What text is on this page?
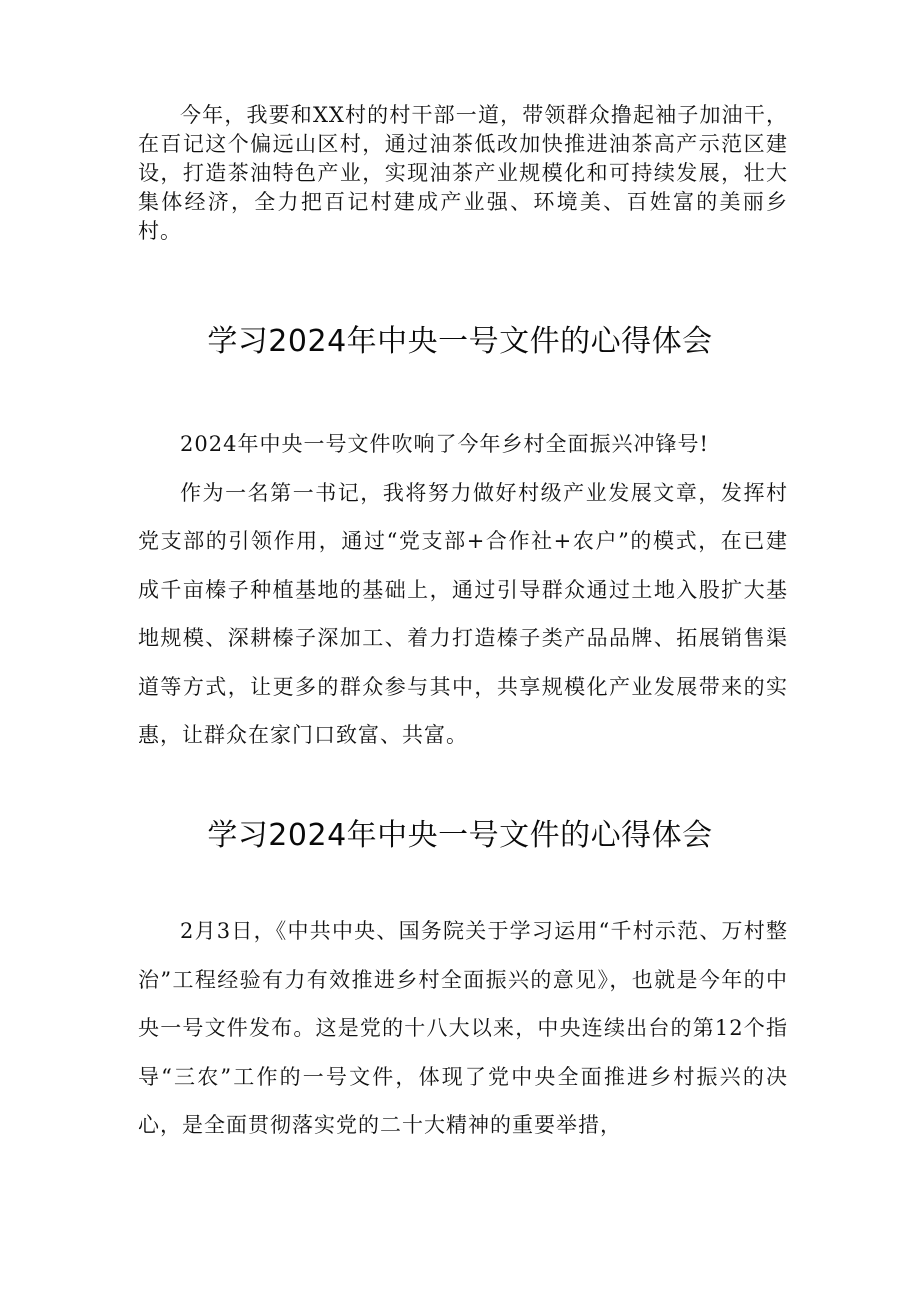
今年，我要和XX村的村干部一道，带领群众撸起袖子加油干，在百记这个偏远山区村，通过油茶低改加快推进油茶高产示范区建设，打造茶油特色产业，实现油茶产业规模化和可持续发展，壮大集体经济，全力把百记村建成产业强、环境美、百姓富的美丽乡村。

学习2024年中央一号文件的心得体会

2024年中央一号文件吹响了今年乡村全面振兴冲锋号!

作为一名第一书记，我将努力做好村级产业发展文章，发挥村党支部的引领作用，通过“党支部+合作社+农户”的模式，在已建成千亩榛子种植基地的基础上，通过引导群众通过土地入股扩大基地规模、深耕榛子深加工、着力打造榛子类产品品牌、拓展销售渠道等方式，让更多的群众参与其中，共享规模化产业发展带来的实惠，让群众在家门口致富、共富。

学习2024年中央一号文件的心得体会

2月3日，《中共中央、国务院关于学习运用“千村示范、万村整治”工程经验有力有效推进乡村全面振兴的意见》，也就是今年的中央一号文件发布。这是党的十八大以来，中央连续出台的第12个指导“三农”工作的一号文件，体现了党中央全面推进乡村振兴的决心，是全面贯彻落实党的二十大精神的重要举措，
